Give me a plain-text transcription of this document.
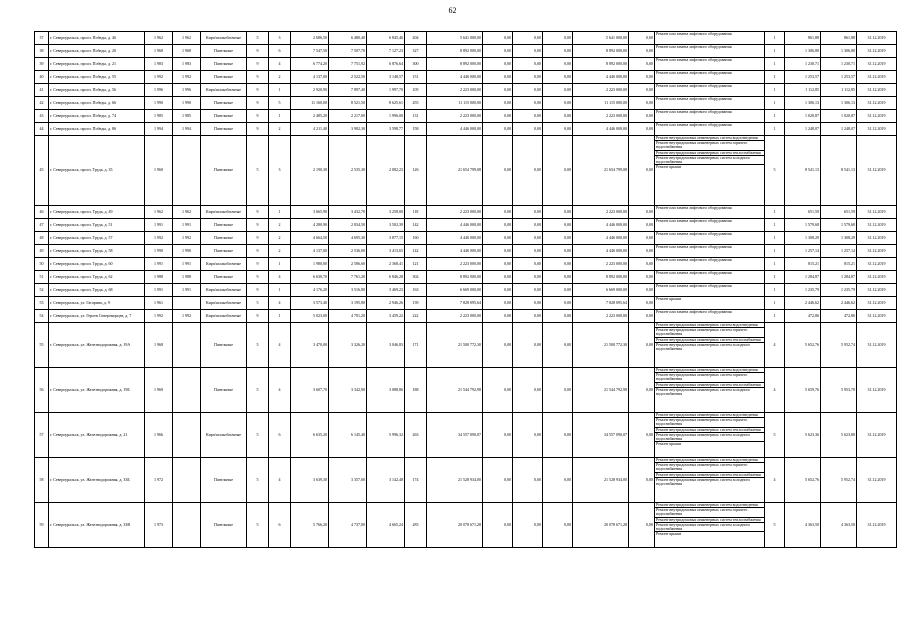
62
37	г. Североуральск, просп. Победы, д. 4б	1 962	1 962	Кирп/шлакоблочные	5	3	2 686,50	6 480,40	6 845,46	204	5 641 000,00	0,00	0,00	0,00	5 641 000,00	0,00	Ремонт или замена лифтового оборудования	1	861,88	861,88	31.12.2019
38	г. Североуральск, просп. Победы, д. 20	1 968	1 968	Панельные	9	6	7 547,50	7 507,70	7 127,23	327	8 892 000,00	0,00	0,00	0,00	8 892 000,00	0,00	Ремонт или замена лифтового оборудования	1	1 306,80	1 306,80	31.12.2019
39	г. Североуральск, просп. Победы, д. 21	1 983	1 983	Панельные	9	4	6 774,20	7 751,92	6 876,64	300	8 892 000,00	0,00	0,00	0,00	8 892 000,00	0,00	Ремонт или замена лифтового оборудования	1	1 230,71	1 230,71	31.12.2019
40	г. Североуральск, просп. Победы, д. 55	1 992	1 992	Панельные	9	2	4 137,00	2 522,50	3 148,57	151	4 446 000,00	0,00	0,00	0,00	4 446 000,00	0,00	Ремонт или замена лифтового оборудования	1	1 253,57	1 253,57	31.12.2019
41	г. Североуральск, просп. Победы, д. 56	1 996	1 996	Кирп/шлакоблочные	9	1	2 920,90	7 897,40	1 997,70	105	2 223 000,00	0,00	0,00	0,00	2 223 000,00	0,00	Ремонт или замена лифтового оборудования	1	1 112,85	1 112,85	31.12.2019
42	г. Североуральск, просп. Победы, д. 66	1 990	1 990	Панельные	9	5	11 160,00	8 521,50	8 625,61	455	11 115 000,00	0,00	0,00	0,00	11 115 000,00	0,00	Ремонт или замена лифтового оборудования	1	1 306,13	1 306,13	31.12.2019
43	г. Североуральск, просп. Победы, д. 74	1 985	1 985	Панельные	9	1	2 485,20	2 217,00	1 996,00	131	2 223 000,00	0,00	0,00	0,00	2 223 000,00	0,00	Ремонт или замена лифтового оборудования	1	1 020,87	1 020,87	31.12.2019
44	г. Североуральск, просп. Победы, д. 86	1 994	1 994	Панельные	9	2	4 211,40	3 982,30	3 598,77	158	4 446 000,00	0,00	0,00	0,00	4 446 000,00	0,00	Ремонт или замена лифтового оборудования	1	1 248,07	1 248,07	31.12.2019
45	г. Североуральск, просп. Труда, д. 35	1 960		Панельные	5	3	2 190,30	2 535,30	2 082,23	126	21 654 799,08	0,00	0,00	0,00	21 654 799,08	0,00	Ремонт внутридомовых инженерных систем водоотведения
Ремонт внутридомовых инженерных систем горячего водоснабжения
Ремонт внутридомовых инженерных систем теплоснабжения
Ремонт внутридомовых инженерных систем холодного водоснабжения
Ремонт крыши	5	8 541,13	8 541,13	31.12.2019
46	г. Североуральск, просп. Труда, д. 49	1 962	1 962	Кирп/шлакоблочные	9	1	3 665,90	3 432,70	3 258,00	118	2 223 000,00	0,00	0,00	0,00	2 223 000,00	0,00	Ремонт или замена лифтового оборудования	1	651,59	651,59	31.12.2019
47	г. Североуральск, просп. Труда, д. 51	1 991	1 991	Панельные	9	2	4 280,90	2 834,50	3 502,39	142	4 446 000,00	0,00	0,00	0,00	4 446 000,00	0,00	Ремонт или замена лифтового оборудования	1	1 579,68	1 579,68	31.12.2019
48	г. Североуральск, просп. Труда, д. 57	1 992	1 992	Панельные	9	2	4 664,50	4 695,30	3 877,15	160	4 446 000,00	0,00	0,00	0,00	4 446 000,00	0,00	Ремонт или замена лифтового оборудования	1	1 308,29	1 308,29	31.12.2019
49	г. Североуральск, просп. Труда, д. 58	1 990	1 990	Панельные	9	2	4 137,00	2 536,00	3 413,65	142	4 446 000,00	0,00	0,00	0,00	4 446 000,00	0,00	Ремонт или замена лифтового оборудования	1	1 257,14	1 257,14	31.12.2019
50	г. Североуральск, просп. Труда, д. 60	1 991	1 991	Кирп/шлакоблочные	9	1	1 980,00	2 586,60	2 368,41	121	2 223 000,00	0,00	0,00	0,00	2 223 000,00	0,00	Ремонт или замена лифтового оборудования	1	815,21	815,21	31.12.2019
51	г. Североуральск, просп. Труда, д. 62	1 988	1 988	Панельные	9	4	6 630,70	7 761,20	6 846,28	302	8 892 000,00	0,00	0,00	0,00	8 892 000,00	0,00	Ремонт или замена лифтового оборудования	1	1 284,87	1 284,87	31.12.2019
52	г. Североуральск, просп. Труда, д. 68	1 991	1 991	Кирп/шлакоблочные	9	1	4 176,20	3 516,80	3 469,23	163	6 669 000,00	0,00	0,00	0,00	6 669 000,00	0,00	Ремонт или замена лифтового оборудования	1	1 235,79	1 235,79	31.12.2019
53	г. Североуральск, ул. Гагарина, д. 9	1 961		Кирп/шлакоблочные	5	4	3 573,40	3 195,80	2 946,26	139	7 828 095,64	0,00	0,00	0,00	7 828 095,64	0,00	Ремонт крыши	1	2 446,62	2 446,62	31.12.2019
54	г. Североуральск, ул. Героев Североморцев, д. 7	1 992	1 992	Кирп/шлакоблочные	9	1	5 023,00	4 701,20	3 459,22	222	2 223 000,00	0,00	0,00	0,00	2 223 000,00	0,00	Ремонт или замена лифтового оборудования	1	472,86	472,86	31.12.2019
55	г. Североуральск, ул. Железнодорожная, д. 19А	1 968		Панельные	5	4	3 470,00	3 326,20	3 046,83	171	21 500 772,30	0,00	0,00	0,00	21 500 772,30	0,00	Ремонт внутридомовых инженерных систем водоотведения
Ремонт внутридомовых инженерных систем горячего водоснабжения
Ремонт внутридомовых инженерных систем теплоснабжения
Ремонт внутридомовых инженерных систем холодного водоснабжения	4	5 652,76	5 952,74	31.12.2019
56	г. Североуральск, ул. Железнодорожная, д. 19Б	1 969		Панельные	5	4	3 607,70	3 342,90	3 088,86	188	21 544 792,98	0,00	0,00	0,00	21 544 792,98	0,00	Ремонт внутридомовых инженерных систем водоотведения
Ремонт внутридомовых инженерных систем горячего водоснабжения
Ремонт внутридомовых инженерных систем теплоснабжения
Ремонт внутридомовых инженерных систем холодного водоснабжения	4	5 659,76	5 953,70	31.12.2019
57	г. Североуральск, ул. Железнодорожная, д. 21	1 966		Кирп/шлакоблочные	5	6	6 635,20	6 145,40	5 996,32	263	34 557 090,07	0,00	0,00	0,00	34 557 090,07	0,00	Ремонт внутридомовых инженерных систем водоотведения
Ремонт внутридомовых инженерных систем горячего водоснабжения
Ремонт внутридомовых инженерных систем теплоснабжения
Ремонт внутридомовых инженерных систем холодного водоснабжения
Ремонт крыши	5	5 623,36	5 623,80	31.12.2019
58	г. Североуральск, ул. Железнодорожная, д. 33Б	1 972		Панельные	5	4	3 639,30	3 357,00	3 142,48	174	21 528 934,00	0,00	0,00	0,00	21 528 934,00	0,00	Ремонт внутридомовых инженерных систем водоотведения
Ремонт внутридомовых инженерных систем горячего водоснабжения
Ремонт внутридомовых инженерных систем теплоснабжения
Ремонт внутридомовых инженерных систем холодного водоснабжения	4	5 652,76	5 952,74	31.12.2019
59	г. Североуральск, ул. Железнодорожная, д. 33В	1 973		Панельные	5	6	5 766,20	4 737,00	4 665,24	283	20 078 671,28	0,00	0,00	0,00	20 078 671,28	0,00	Ремонт внутридомовых инженерных систем водоотведения
Ремонт внутридомовых инженерных систем горячего водоснабжения
Ремонт внутридомовых инженерных систем теплоснабжения
Ремонт внутридомовых инженерных систем холодного водоснабжения
Ремонт крыши	5	4 363,50	4 363,50	31.12.2019
